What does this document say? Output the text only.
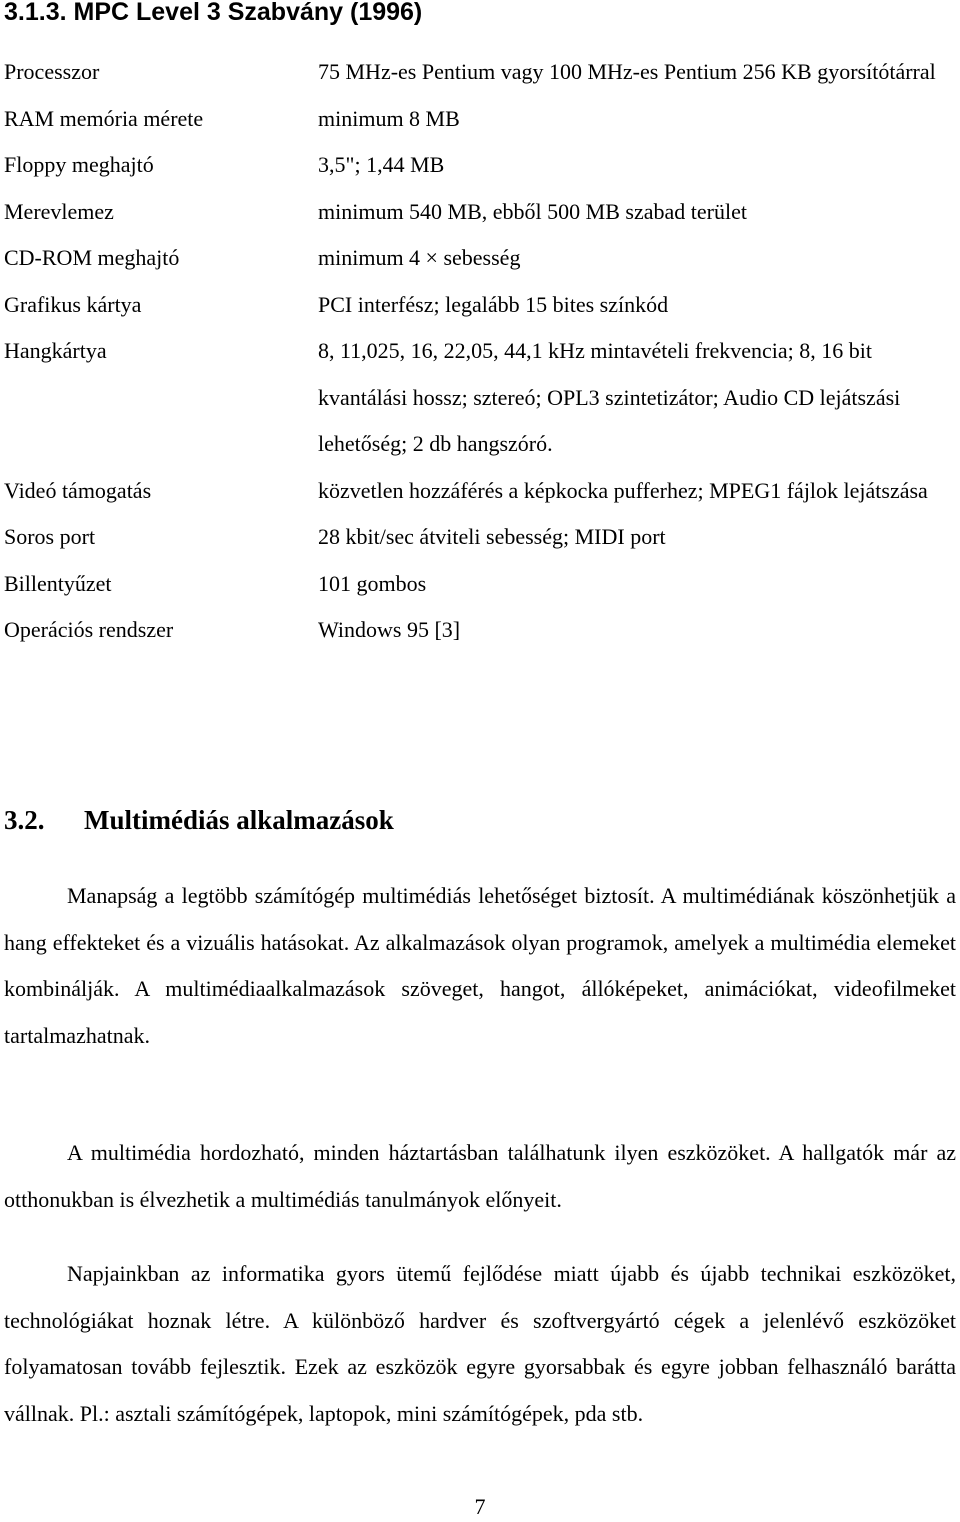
3.1.3. MPC Level 3 Szabvány (1996)
Processzor	75 MHz-es Pentium vagy 100 MHz-es Pentium 256 KB gyorsítótárral
RAM memória mérete	minimum 8 MB
Floppy meghajtó	3,5"; 1,44 MB
Merevlemez	minimum 540 MB, ebből 500 MB szabad terület
CD-ROM meghajtó	minimum 4 × sebesség
Grafikus kártya	PCI interfész; legalább 15 bites színkód
Hangkártya	8, 11,025, 16, 22,05, 44,1 kHz mintavételi frekvencia; 8, 16 bit kvantálási hossz; sztereó; OPL3 szintetizátor; Audio CD lejátszási lehetőség; 2 db hangszóró.
Videó támogatás	közvetlen hozzáférés a képkocka pufferhez; MPEG1 fájlok lejátszása
Soros port	28 kbit/sec átviteli sebesség; MIDI port
Billentyűzet	101 gombos
Operációs rendszer	Windows 95 [3]
3.2. Multimédiás alkalmazások

Manapság a legtöbb számítógép multimédiás lehetőséget biztosít. A multimédiának köszönhetjük a hang effekteket és a vizuális hatásokat. Az alkalmazások olyan programok, amelyek a multimédia elemeket kombinálják. A multimédiaalkalmazások szöveget, hangot, állóképeket, animációkat, videofilmeket tartalmazhatnak.

A multimédia hordozható, minden háztartásban találhatunk ilyen eszközöket. A hallgatók már az otthonukban is élvezhetik a multimédiás tanulmányok előnyeit.

Napjainkban az informatika gyors ütemű fejlődése miatt újabb és újabb technikai eszközöket, technológiákat hoznak létre. A különböző hardver és szoftvergyártó cégek a jelenlévő eszközöket folyamatosan tovább fejlesztik. Ezek az eszközök egyre gyorsabbak és egyre jobban felhasználó barátta vállnak. Pl.: asztali számítógépek, laptopok, mini számítógépek, pda stb.

7
